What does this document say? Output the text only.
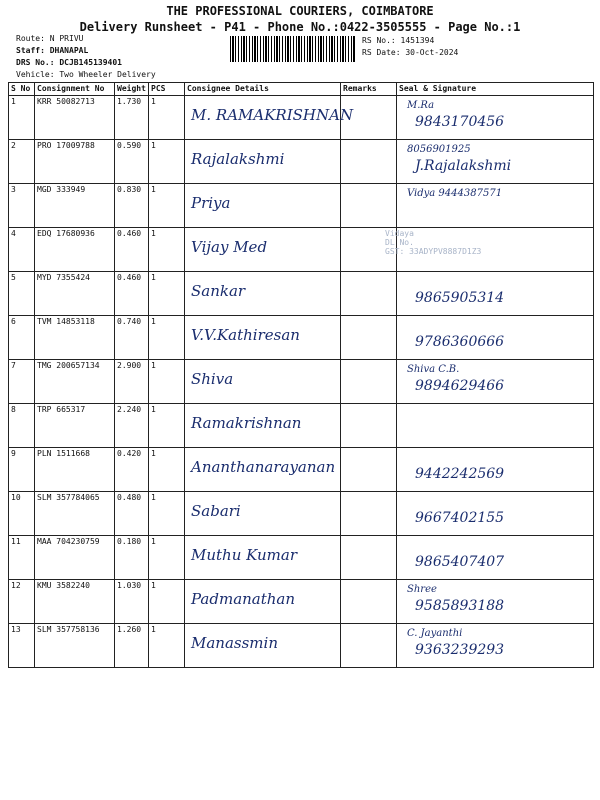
THE PROFESSIONAL COURIERS, COIMBATORE
Delivery Runsheet - P41 - Phone No.:0422-3505555 - Page No.:1
Route: N PRIVU
Staff: DHANAPAL
DRS No.: DCJB145139401
Vehicle: Two Wheeler Delivery
RS No.: 1451394
RS Date: 30-Oct-2024
S No	Consignment No	Weight	PCS	Consignee Details	Remarks	Seal & Signature
1	KRR 50082713	1.730	1	M. RAMAKRISHNAN		M.Ra
9843170456

2	PRO 17009788	0.590	1	Rajalakshmi		8056901925
J.Rajalakshmi

3	MGD 333949	0.830	1	Priya		Vidya 9444387571

4	EDQ 17680936	0.460	1	Vijay Med		

5	MYD 7355424	0.460	1	Sankar		9865905314

6	TVM 14853118	0.740	1	V.V.Kathiresan		9786360666

7	TMG 200657134	2.900	1	Shiva		Shiva C.B.
9894629466

8	TRP 665317	2.240	1	Ramakrishnan		

9	PLN 1511668	0.420	1	Ananthanarayanan		9442242569

10	SLM 357784065	0.480	1	Sabari		9667402155

11	MAA 704230759	0.180	1	Muthu Kumar		9865407407

12	KMU 3582240	1.030	1	Padmanathan		Shree
9585893188

13	SLM 357758136	1.260	1	Manassmin		C. Jayanthi
9363239293
Vidaya
DL No.
GST: 33ADYPV8887D1Z3
